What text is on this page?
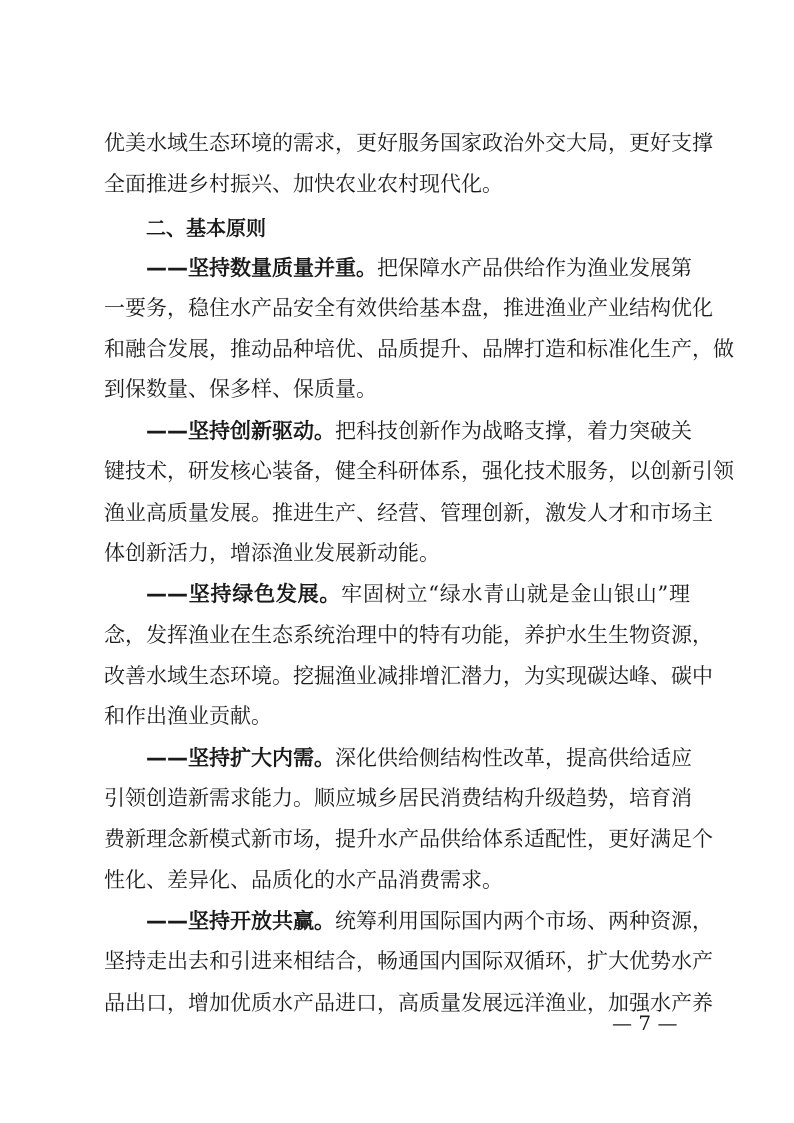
优美水域生态环境的需求，更好服务国家政治外交大局，更好支撑
全面推进乡村振兴、加快农业农村现代化。
二、基本原则
——坚持数量质量并重。把保障水产品供给作为渔业发展第
一要务，稳住水产品安全有效供给基本盘，推进渔业产业结构优化
和融合发展，推动品种培优、品质提升、品牌打造和标准化生产，做
到保数量、保多样、保质量。
——坚持创新驱动。把科技创新作为战略支撑，着力突破关
键技术，研发核心装备，健全科研体系，强化技术服务，以创新引领
渔业高质量发展。推进生产、经营、管理创新，激发人才和市场主
体创新活力，增添渔业发展新动能。
——坚持绿色发展。牢固树立“绿水青山就是金山银山”理
念，发挥渔业在生态系统治理中的特有功能，养护水生生物资源，
改善水域生态环境。挖掘渔业减排增汇潜力，为实现碳达峰、碳中
和作出渔业贡献。
——坚持扩大内需。深化供给侧结构性改革，提高供给适应
引领创造新需求能力。顺应城乡居民消费结构升级趋势，培育消
费新理念新模式新市场，提升水产品供给体系适配性，更好满足个
性化、差异化、品质化的水产品消费需求。
——坚持开放共赢。统筹利用国际国内两个市场、两种资源，
坚持走出去和引进来相结合，畅通国内国际双循环，扩大优势水产
品出口，增加优质水产品进口，高质量发展远洋渔业，加强水产养
— 7 —
